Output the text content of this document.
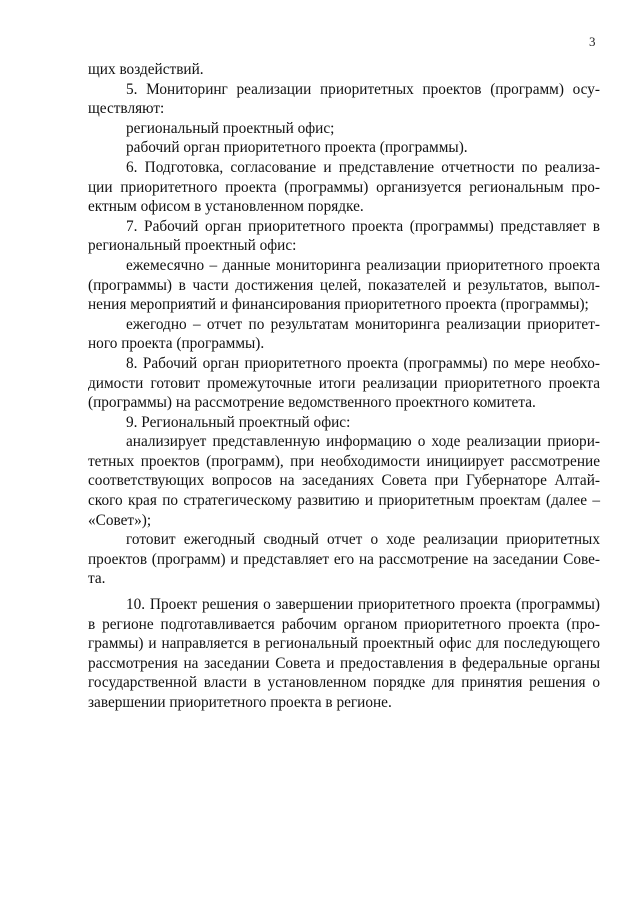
3
щих воздействий.
5. Мониторинг реализации приоритетных проектов (программ) осу-
ществляют:
региональный проектный офис;
рабочий орган приоритетного проекта (программы).
6. Подготовка, согласование и представление отчетности по реализа-
ции приоритетного проекта (программы) организуется региональным про-
ектным офисом в установленном порядке.
7. Рабочий орган приоритетного проекта (программы) представляет в
региональный проектный офис:
ежемесячно – данные мониторинга реализации приоритетного проекта
(программы) в части достижения целей, показателей и результатов, выпол-
нения мероприятий и финансирования приоритетного проекта (программы);
ежегодно – отчет по результатам мониторинга реализации приоритет-
ного проекта (программы).
8. Рабочий орган приоритетного проекта (программы) по мере необхо-
димости готовит промежуточные итоги реализации приоритетного проекта
(программы) на рассмотрение ведомственного проектного комитета.
9. Региональный проектный офис:
анализирует представленную информацию о ходе реализации приори-
тетных проектов (программ), при необходимости инициирует рассмотрение
соответствующих вопросов на заседаниях Совета при Губернаторе Алтай-
ского края по стратегическому развитию и приоритетным проектам (далее –
«Совет»);
готовит ежегодный сводный отчет о ходе реализации приоритетных
проектов (программ) и представляет его на рассмотрение на заседании Сове-
та.
10. Проект решения о завершении приоритетного проекта (программы)
в регионе подготавливается рабочим органом приоритетного проекта (про-
граммы) и направляется в региональный проектный офис для последующего
рассмотрения на заседании Совета и предоставления в федеральные органы
государственной власти в установленном порядке для принятия решения о
завершении приоритетного проекта в регионе.
